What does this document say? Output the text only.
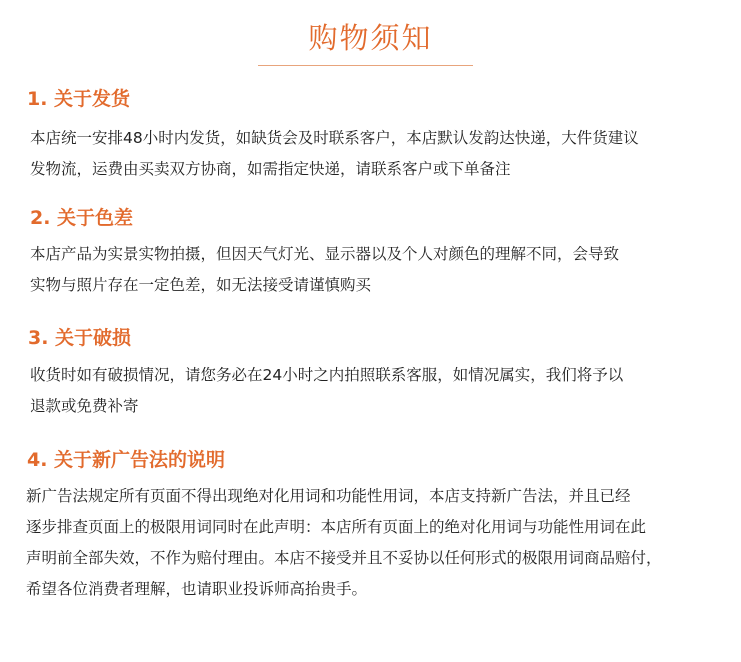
购物须知
1. 关于发货
本店统一安排48小时内发货，如缺货会及时联系客户，本店默认发韵达快递，大件货建议
发物流，运费由买卖双方协商，如需指定快递，请联系客户或下单备注
2. 关于色差
本店产品为实景实物拍摄，但因天气灯光、显示器以及个人对颜色的理解不同，会导致
实物与照片存在一定色差，如无法接受请谨慎购买
3. 关于破损
收货时如有破损情况，请您务必在24小时之内拍照联系客服，如情况属实，我们将予以
退款或免费补寄
4. 关于新广告法的说明
新广告法规定所有页面不得出现绝对化用词和功能性用词，本店支持新广告法，并且已经
逐步排查页面上的极限用词同时在此声明：本店所有页面上的绝对化用词与功能性用词在此
声明前全部失效，不作为赔付理由。本店不接受并且不妥协以任何形式的极限用词商品赔付，
希望各位消费者理解，也请职业投诉师高抬贵手。
